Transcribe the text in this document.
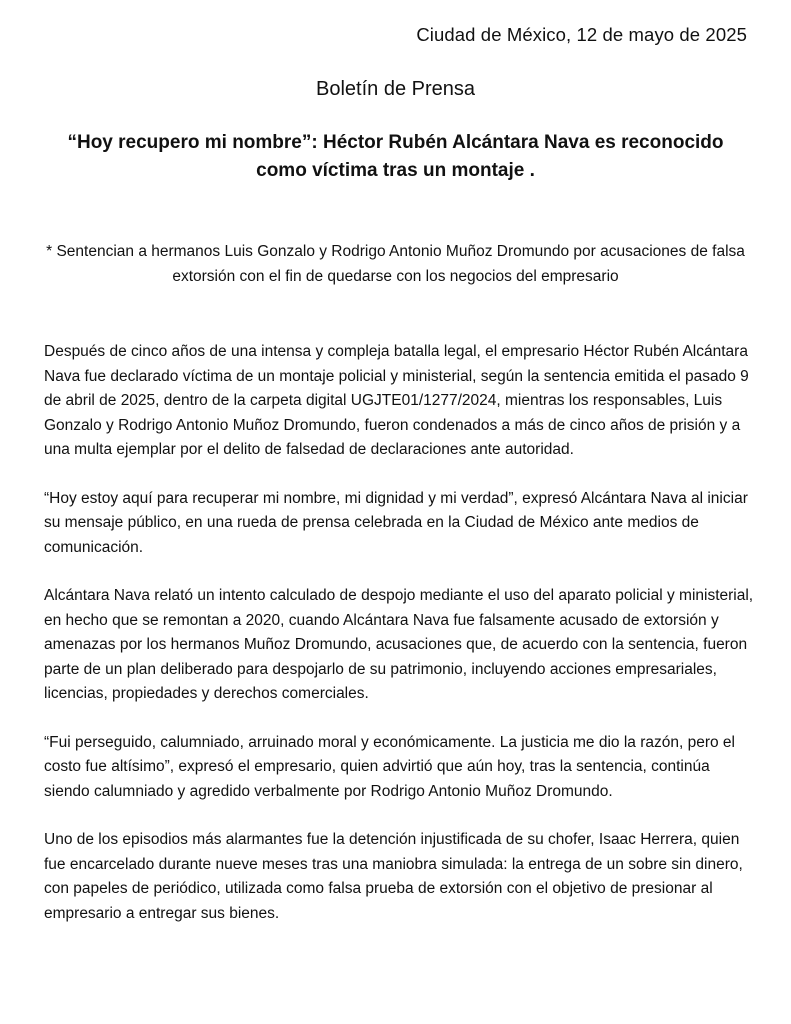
Ciudad de México, 12 de mayo de 2025
Boletín de Prensa
“Hoy recupero mi nombre”: Héctor Rubén Alcántara Nava es reconocido como víctima tras un montaje .
* Sentencian a hermanos Luis Gonzalo y Rodrigo Antonio Muñoz Dromundo por acusaciones de falsa extorsión con el fin de quedarse con los negocios del empresario

Después de cinco años de una intensa y compleja batalla legal, el empresario Héctor Rubén Alcántara Nava fue declarado víctima de un montaje policial y ministerial, según la sentencia emitida el pasado 9 de abril de 2025, dentro de la carpeta digital UGJTE01/1277/2024, mientras los responsables, Luis Gonzalo y Rodrigo Antonio Muñoz Dromundo, fueron condenados a más de cinco años de prisión y a una multa ejemplar por el delito de falsedad de declaraciones ante autoridad.

“Hoy estoy aquí para recuperar mi nombre, mi dignidad y mi verdad”, expresó Alcántara Nava al iniciar su mensaje público, en una rueda de prensa celebrada en la Ciudad de México ante medios de comunicación.

Alcántara Nava relató un intento calculado de despojo mediante el uso del aparato policial y ministerial, en hecho que se remontan a 2020, cuando Alcántara Nava fue falsamente acusado de extorsión y amenazas por los hermanos Muñoz Dromundo, acusaciones que, de acuerdo con la sentencia, fueron parte de un plan deliberado para despojarlo de su patrimonio, incluyendo acciones empresariales, licencias, propiedades y derechos comerciales.

“Fui perseguido, calumniado, arruinado moral y económicamente. La justicia me dio la razón, pero el costo fue altísimo”, expresó el empresario, quien advirtió que aún hoy, tras la sentencia, continúa siendo calumniado y agredido verbalmente por Rodrigo Antonio Muñoz Dromundo.

Uno de los episodios más alarmantes fue la detención injustificada de su chofer, Isaac Herrera, quien fue encarcelado durante nueve meses tras una maniobra simulada: la entrega de un sobre sin dinero, con papeles de periódico, utilizada como falsa prueba de extorsión con el objetivo de presionar al empresario a entregar sus bienes.
